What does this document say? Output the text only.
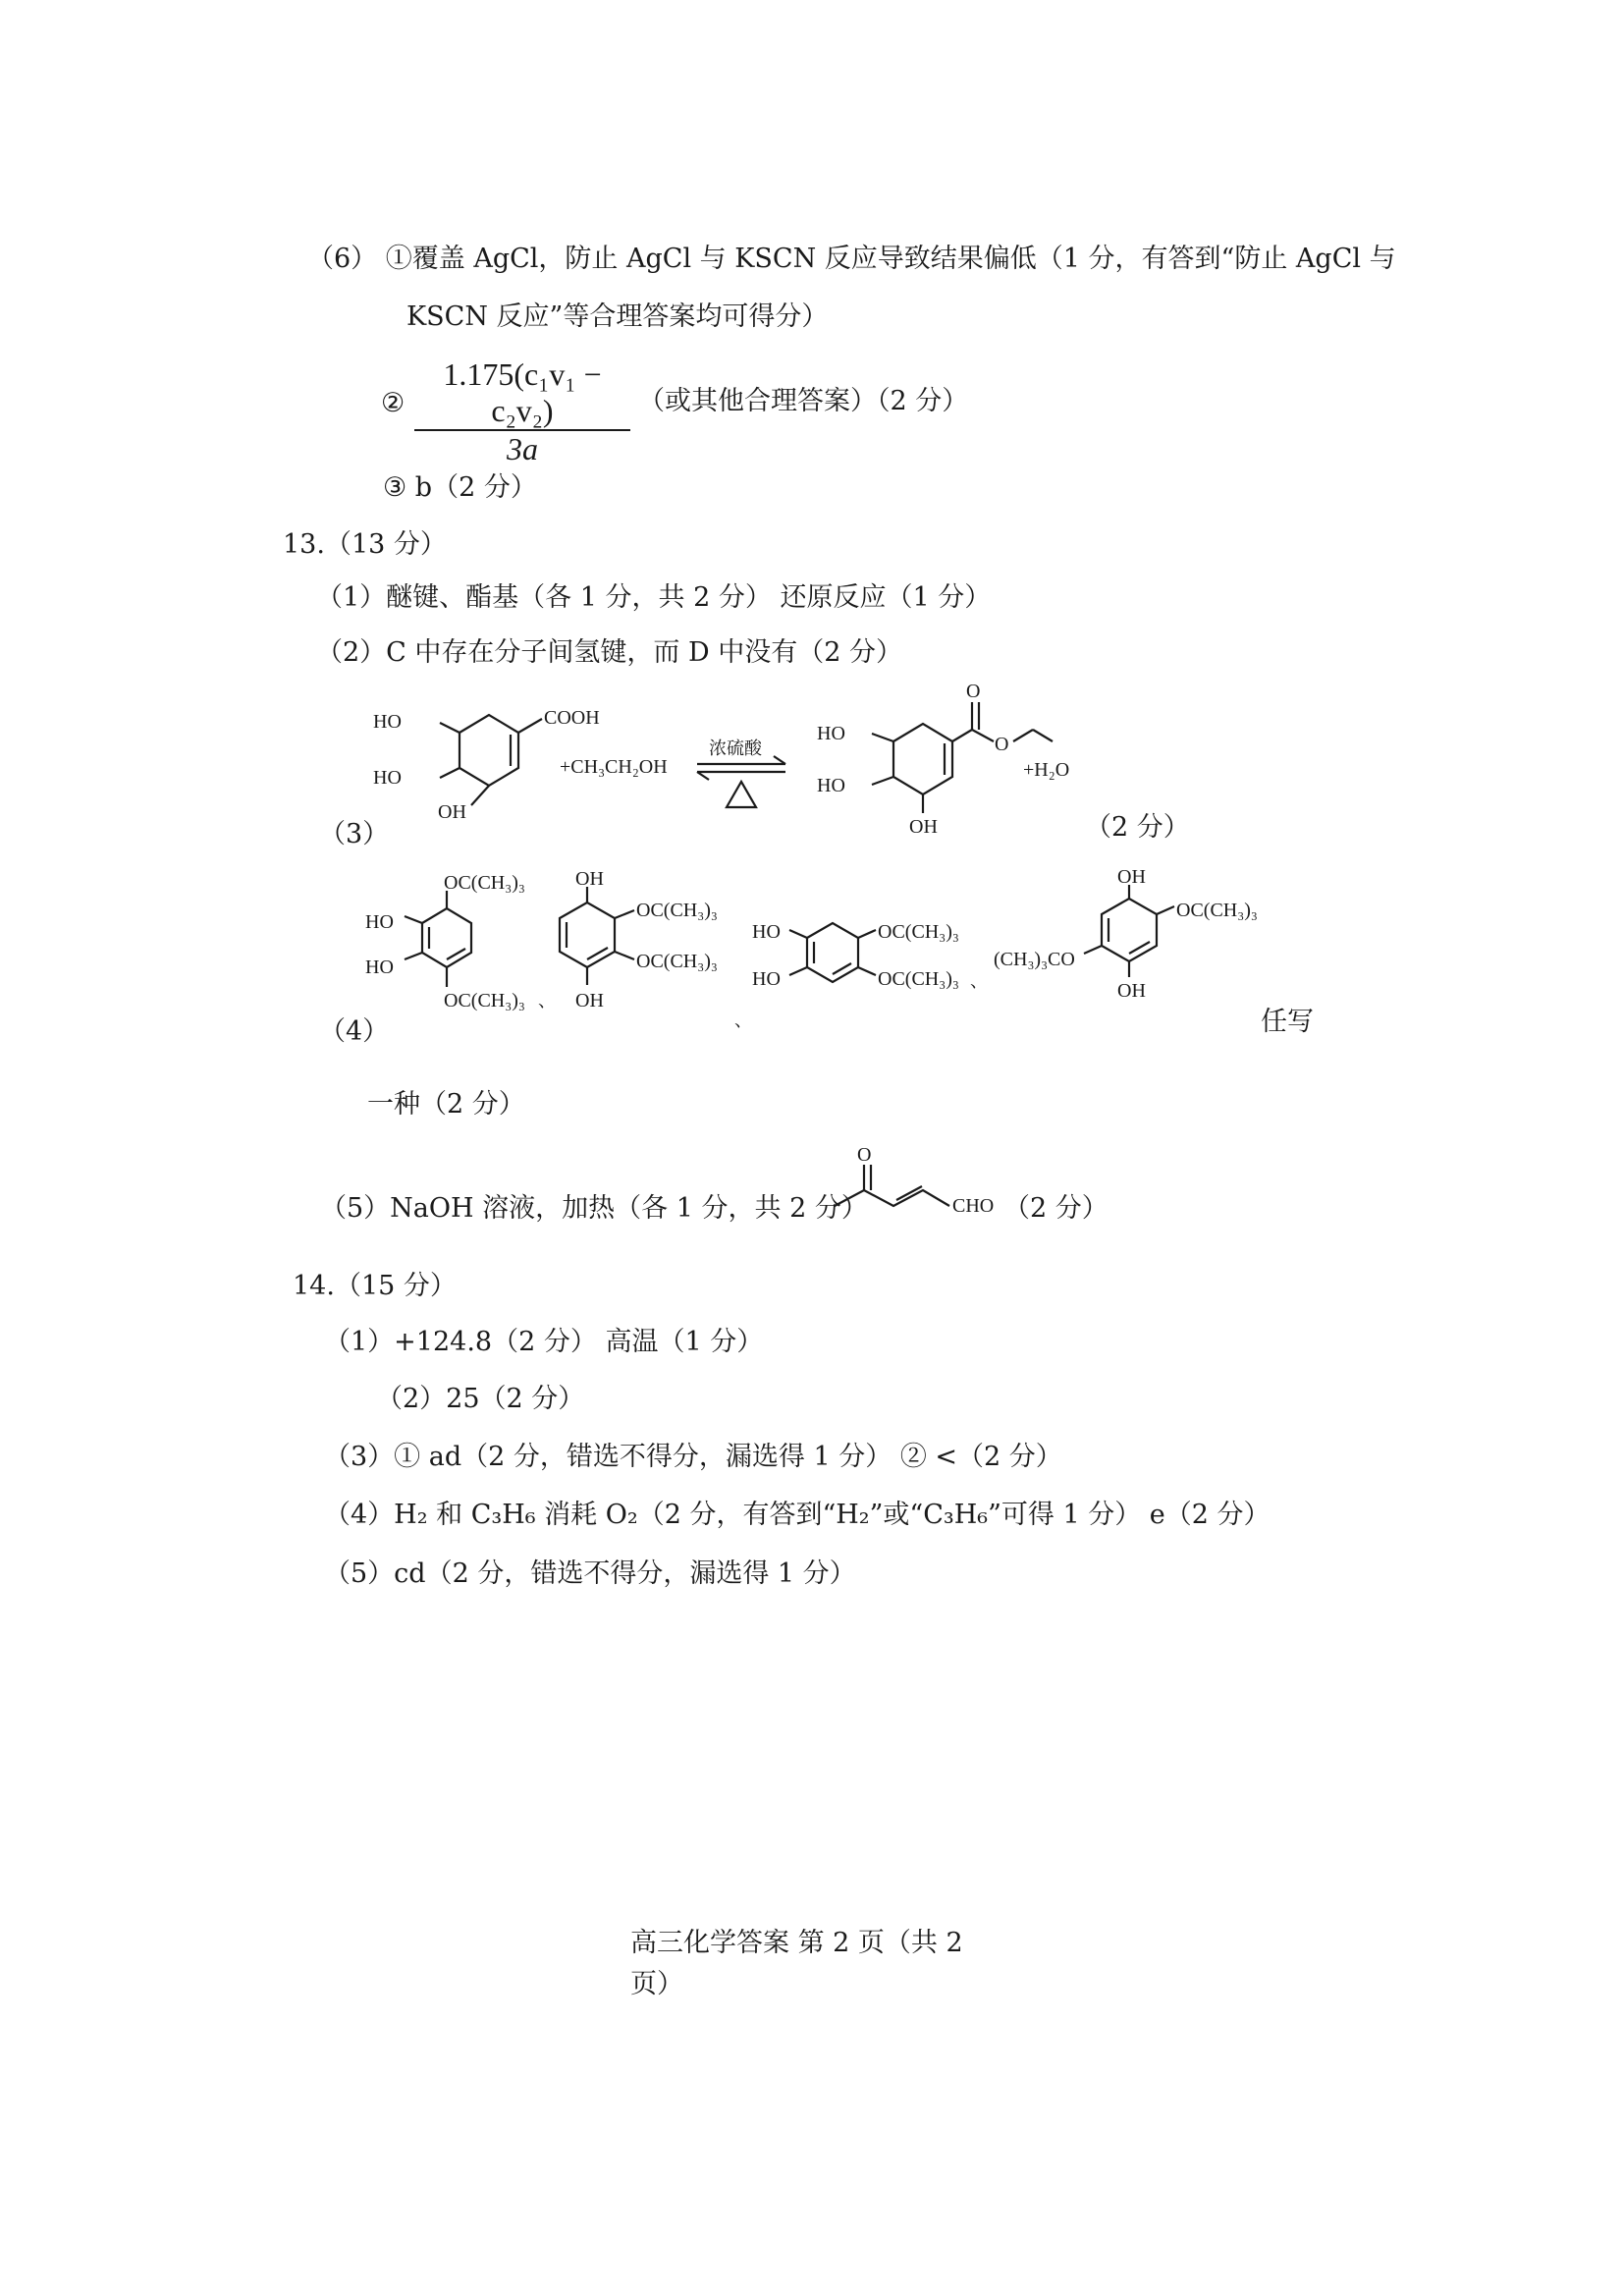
（6） ①覆盖 AgCl，防止 AgCl 与 KSCN 反应导致结果偏低（1 分，有答到“防止 AgCl 与
KSCN 反应”等合理答案均可得分）
② $\frac{\text{1.175(c₁v₁ − c₂v₂)}}{3a}$ （或其他合理答案）（2 分）
③ b（2 分）
13.（13 分）
（1）醚键、酯基（各 1 分，共 2 分） 还原反应（1 分）
（2）C 中存在分子间氢键，而 D 中没有（2 分）
COOH
HO
HO
OH
+CH₃CH₂OH
浓硫酸
O
O
HO
HO
OH
+H₂O
（3）	（2 分）
OC(CH₃)₃
HO
HO
OC(CH₃)₃ 、
OH
OC(CH₃)₃
OC(CH₃)₃
OH
、
HO
HO
OC(CH₃)₃
OC(CH₃)₃ 、
OH
OC(CH₃)₃
(CH₃)₃CO
OH
（4）	任写
一种（2 分）
（5）NaOH 溶液，加热（各 1 分，共 2 分）
O
CHO （2 分）
14.（15 分）
（1）+124.8（2 分） 高温（1 分）
（2）25（2 分）
（3）① ad（2 分，错选不得分，漏选得 1 分） ② <（2 分）
（4）H₂ 和 C₃H₆ 消耗 O₂（2 分，有答到“H₂”或“C₃H₆”可得 1 分） e（2 分）
（5）cd（2 分，错选不得分，漏选得 1 分）
高三化学答案 第 2 页（共 2
页）
